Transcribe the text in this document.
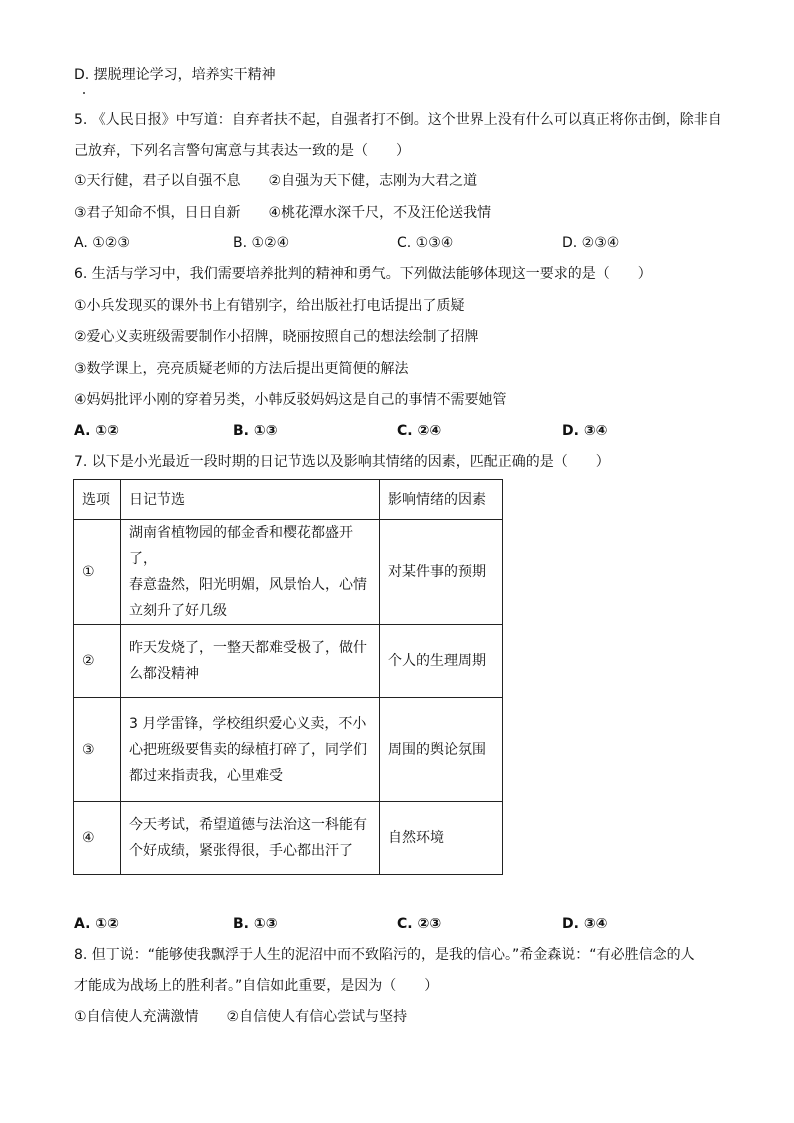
D. 摆脱理论学习，培养实干精神
5. 《人民日报》中写道：自弃者扶不起，自强者打不倒。这个世界上没有什么可以真正将你击倒，除非自
己放弃，下列名言警句寓意与其表达一致的是（　　）
①天行健，君子以自强不息　　②自强为天下健，志刚为大君之道
③君子知命不惧，日日自新　　④桃花潭水深千尺，不及汪伦送我情
A. ①②③	B. ①②④	C. ①③④	D. ②③④
6. 生活与学习中，我们需要培养批判的精神和勇气。下列做法能够体现这一要求的是（　　）
①小兵发现买的课外书上有错别字，给出版社打电话提出了质疑
②爱心义卖班级需要制作小招牌，晓丽按照自己的想法绘制了招牌
③数学课上，亮亮质疑老师的方法后提出更简便的解法
④妈妈批评小刚的穿着另类，小韩反驳妈妈这是自己的事情不需要她管
A. ①②	B. ①③	C. ②④	D. ③④
7. 以下是小光最近一段时期的日记节选以及影响其情绪的因素，匹配正确的是（　　）
选项	日记节选	影响情绪的因素
①	湖南省植物园的郁金香和樱花都盛开了，
春意盎然，阳光明媚，风景怡人，心情
立刻升了好几级	对某件事的预期
②	昨天发烧了，一整天都难受极了，做什
么都没精神	个人的生理周期
③	3 月学雷锋，学校组织爱心义卖，不小
心把班级要售卖的绿植打碎了，同学们
都过来指责我，心里难受	周围的舆论氛围
④	今天考试，希望道德与法治这一科能有
个好成绩，紧张得很，手心都出汗了	自然环境
A. ①②	B. ①③	C. ②③	D. ③④
8. 但丁说：“能够使我飘浮于人生的泥沼中而不致陷污的，是我的信心。”希金森说：“有必胜信念的人
才能成为战场上的胜利者。”自信如此重要，是因为（　　）
①自信使人充满激情　　②自信使人有信心尝试与坚持
